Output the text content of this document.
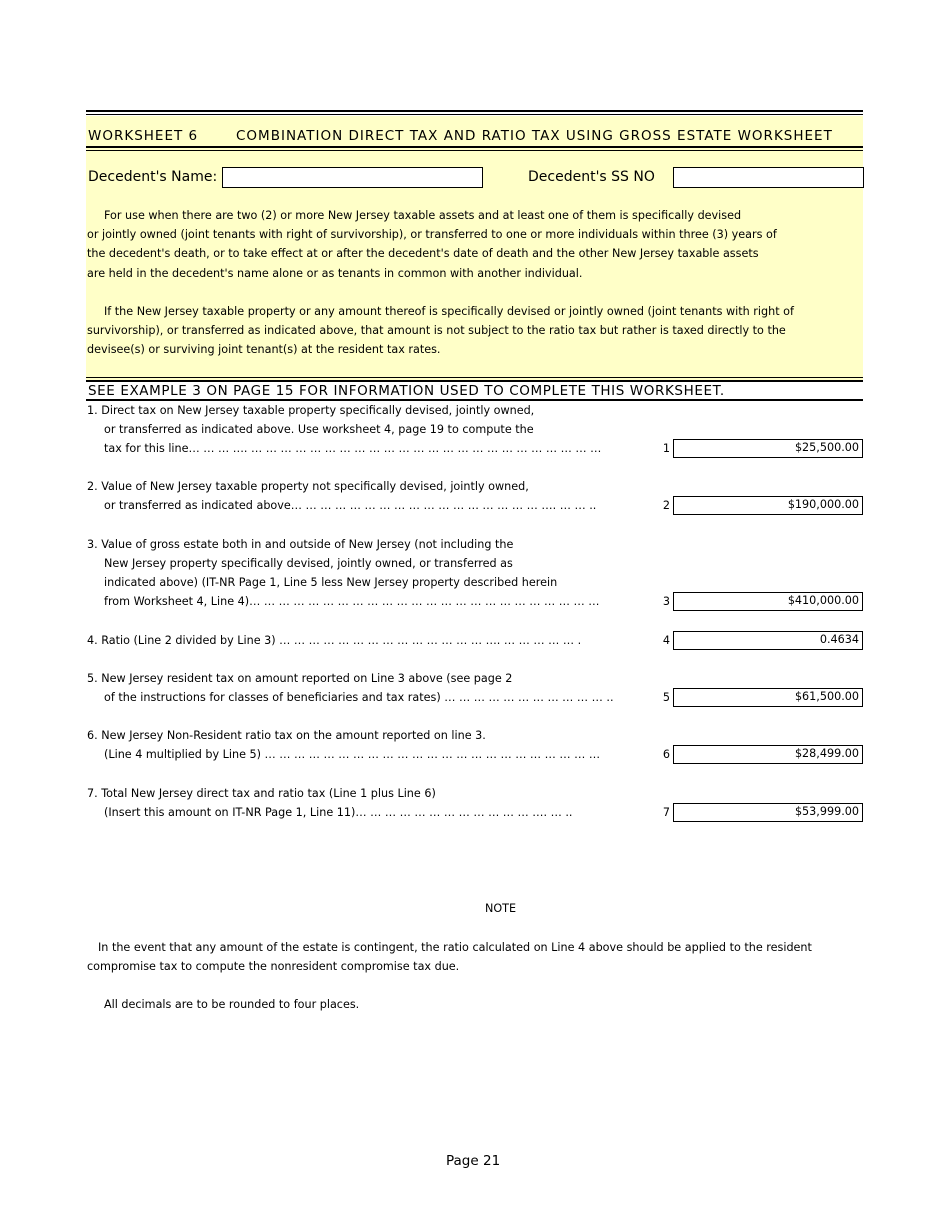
WORKSHEET 6	COMBINATION DIRECT TAX AND RATIO TAX USING GROSS ESTATE WORKSHEET
Decedent's Name:	Decedent's SS NO
For use when there are two (2) or more New Jersey taxable assets and at least one of them is specifically devised
or jointly owned (joint tenants with right of survivorship), or transferred to one or more individuals within three (3) years of
the decedent's death, or to take effect at or after the decedent's date of death and the other New Jersey taxable assets
are held in the decedent's name alone or as tenants in common with another individual.
If the New Jersey taxable property or any amount thereof is specifically devised or jointly owned (joint tenants with right of
survivorship), or transferred as indicated above, that amount is not subject to the ratio tax but rather is taxed directly to the
devisee(s) or surviving joint tenant(s) at the resident tax rates.
SEE EXAMPLE 3 ON PAGE 15 FOR INFORMATION USED TO COMPLETE THIS WORKSHEET.
1. Direct tax on New Jersey taxable property specifically devised, jointly owned,
or transferred as indicated above. Use worksheet 4, page 19 to compute the
tax for this line… … … …. … … … … … … … … … … … … … … … … … … … … … … … …	1	$25,500.00
2. Value of New Jersey taxable property not specifically devised, jointly owned,
or transferred as indicated above… … … … … … … … … … … … … … … … … …. … … ..	2	$190,000.00
3. Value of gross estate both in and outside of New Jersey (not including the
New Jersey property specifically devised, jointly owned, or transferred as
indicated above) (IT-NR Page 1, Line 5 less New Jersey property described herein
from Worksheet 4, Line 4)… … … … … … … … … … … … … … … … … … … … … … … …	3	$410,000.00
4. Ratio (Line 2 divided by Line 3) … … … … … … … … … … … … … … …. … … … … … .	4	0.4634
5. New Jersey resident tax on amount reported on Line 3 above (see page 2
of the instructions for classes of beneficiaries and tax rates) … … … … … … … … … … … ..	5	$61,500.00
6. New Jersey Non-Resident ratio tax on the amount reported on line 3.
(Line 4 multiplied by Line 5) … … … … … … … … … … … … … … … … … … … … … … …	6	$28,499.00
7. Total New Jersey direct tax and ratio tax (Line 1 plus Line 6)
(Insert this amount on IT-NR Page 1, Line 11)… … … … … … … … … … … … …. … ..	7	$53,999.00
NOTE
In the event that any amount of the estate is contingent, the ratio calculated on Line 4 above should be applied to the resident
compromise tax to compute the nonresident compromise tax due.
All decimals are to be rounded to four places.
Page 21
